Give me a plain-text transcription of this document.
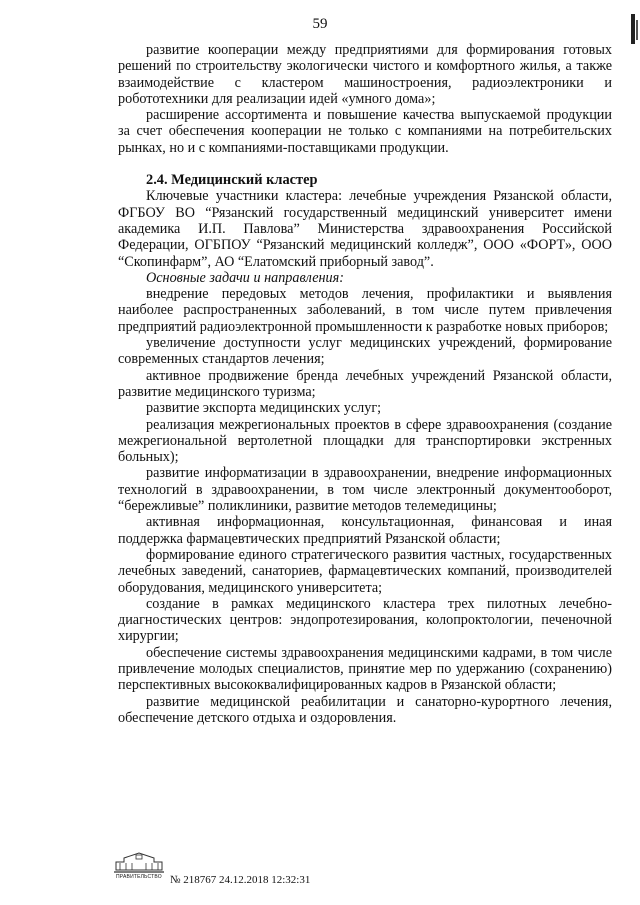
59

развитие кооперации между предприятиями для формирования готовых решений по строительству экологически чистого и комфортного жилья, а также взаимодействие с кластером машиностроения, радиоэлектроники и робототехники для реализации идей «умного дома»;

расширение ассортимента и повышение качества выпускаемой продукции за счет обеспечения кооперации не только с компаниями на потребительских рынках, но и с компаниями-поставщиками продукции.

2.4. Медицинский кластер

Ключевые участники кластера: лечебные учреждения Рязанской области, ФГБОУ ВО “Рязанский государственный медицинский университет имени академика И.П. Павлова” Министерства здравоохранения Российской Федерации, ОГБПОУ “Рязанский медицинский колледж”, ООО «ФОРТ», ООО “Скопинфарм”, АО “Елатомский приборный завод”.

Основные задачи и направления:

внедрение передовых методов лечения, профилактики и выявления наиболее распространенных заболеваний, в том числе путем привлечения предприятий радиоэлектронной промышленности к разработке новых приборов;

увеличение доступности услуг медицинских учреждений, формирование современных стандартов лечения;

активное продвижение бренда лечебных учреждений Рязанской области, развитие медицинского туризма;

развитие экспорта медицинских услуг;

реализация межрегиональных проектов в сфере здравоохранения (создание межрегиональной вертолетной площадки для транспортировки экстренных больных);

развитие информатизации в здравоохранении, внедрение информационных технологий в здравоохранении, в том числе электронный документооборот, “бережливые” поликлиники, развитие методов телемедицины;

активная информационная, консультационная, финансовая и иная поддержка фармацевтических предприятий Рязанской области;

формирование единого стратегического развития частных, государственных лечебных заведений, санаториев, фармацевтических компаний, производителей оборудования, медицинского университета;

создание в рамках медицинского кластера трех пилотных лечебно-диагностических центров: эндопротезирования, колопроктологии, печеночной хирургии;

обеспечение системы здравоохранения медицинскими кадрами, в том числе привлечение молодых специалистов, принятие мер по удержанию (сохранению) перспективных высококвалифицированных кадров в Рязанской области;

развитие медицинской реабилитации и санаторно-курортного лечения, обеспечение детского отдыха и оздоровления.

ПРАВИТЕЛЬСТВО № 218767 24.12.2018 12:32:31
